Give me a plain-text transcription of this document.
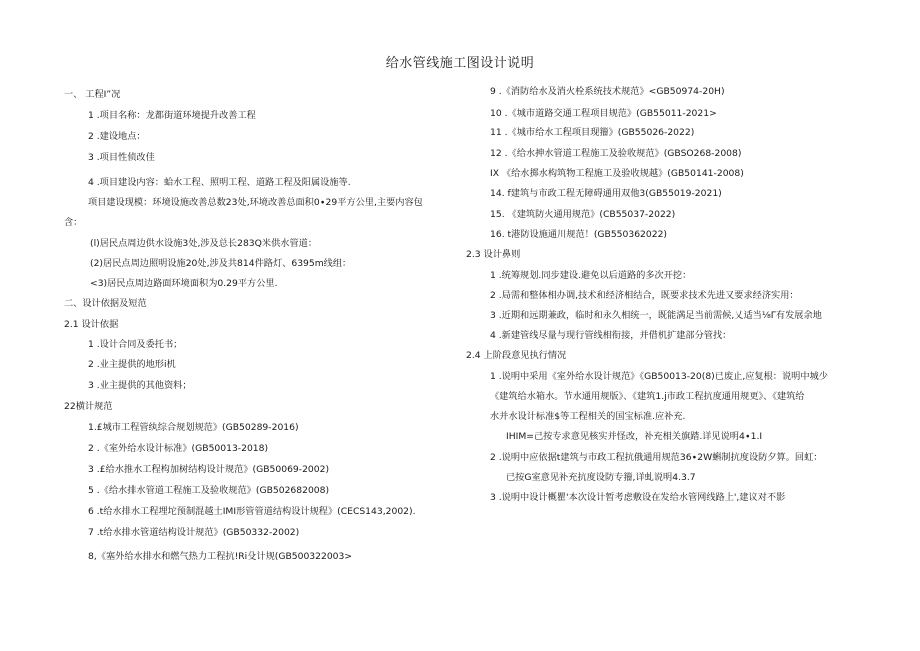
给水管线施工图设计说明
一、 工程I”况
1 .项目名称：龙都街道环境提升改善工程
2 .建设地点：
3 .项目性侦改佳
4 .项目建设内容：蛤水工程、照明工程、道路工程及阳属设施等.
项目建设现模：环境设施改善总数23处,环境改善总面积0∙29平方公里,主要内容包
含：
(l)居民点周边供水设施3处,涉及总长283Q米供水管道：
(2)居民点周边照明设施20处,涉及共814件路灯、6395m线组：
<3)居民点周边路面环境面积为0.29平方公里.
二、设计依据及短范
2.1 设计依据
1 .设计合同及委托书；
2 .业主提供的地形i机
3 .业主提供的其他资料；
22横计规范
1.£城市工程管纨综合规划规范》(GB50289-2016)
2 .《室外给水设计标准》(GB50013-2018)
3 .£给水推水工程构加树结构设计规范》(GB50069-2002)
5 .《给水排水管道工程施工及验收规范》(GB502682008)
6 .t给水排水工程埋坨预制混越土IMI形管管道结构设计规程》(CECS143,2002).
7 .t给水排水管道结构设计规范》(GB50332-2002)
8,《塞外给水排水和燃气热力工程抗!Ri殳计规(GB500322003>
9 .《消防给水及消火栓系统技术规范》<GB50974-20H)
10 .《城市道路交通工程项目规范》(GB55011-2021>
11 .《城市给水工程项目现籀》(GB55026-2022)
12 .《给水抻水管道工程施工及验收规范》(GBSO268-2008)
IX 《给水掷水构筑物工程施工及验收规越》(GB50141-2008)
14. f建筑与市政工程无障碍通用双他3(GB55019-2021)
15. 《建筑防火通用规范》(CB55037-2022)
16. t港防设施通川规范！(GB550362022)
2.3 设计鼻则
1 .统筹规划.同步建设.避免以后道路的多次开挖：
2 .局需和整体相办调,技术和经济相结合，既要求技术先进又要求经济实用：
3 .近期和远期兼政，临时和永久相统一，既能满足当前需候,乂适当⅛Γ有发展余地
4 .新建管线尽量与现行管线相衔接，并借机扩建部分管找：
2.4 上阶段意见执行情况
1 .说明中采用《室外给水设计规范》《GB50013-20(8)已废止,应复根：说明中城少
《建筑给水箱水。节水通用规版》、《建筑1.j市政工程抗度通用规更》、《建筑给
水并水设计标准$等工程相关的国宝标准.应补充.
IHIM=己按专求意见核实并怪改，补充相关旗踏.详见说明4∙1.I
2 .说明中应依据t建筑与市政工程抗俄通用规范36∙2W蝌制抗度设防夕算。回虹：
已按G室意见补充抗度设防专籀,详虬说明4.3.7
3 .说明中设计概瞿'本次设计暂考虑敷设在发给水管网线路上',建议对不影
